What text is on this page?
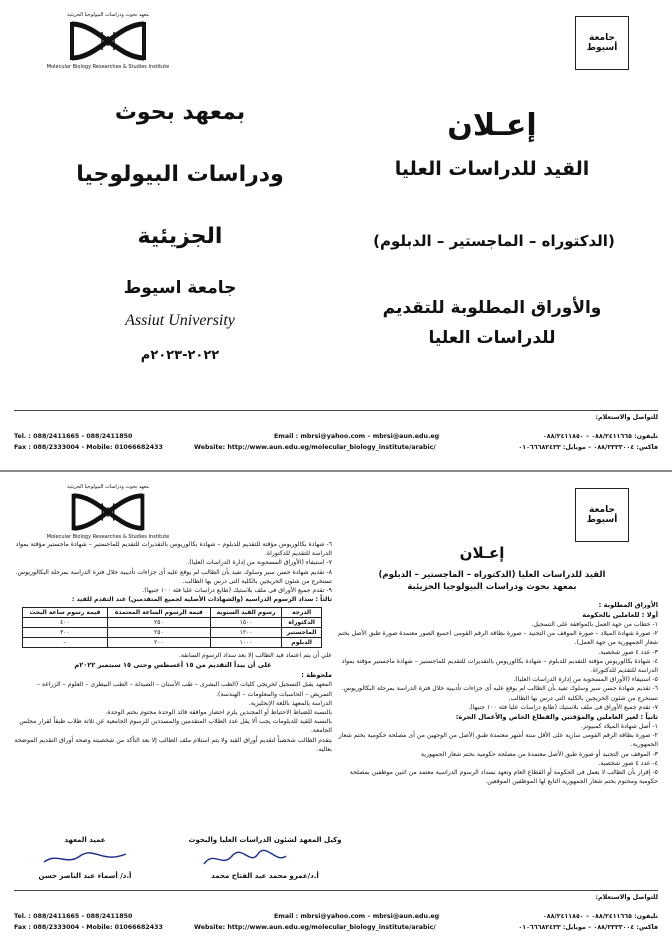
معهد بحوث ودراسات البيولوجيا الجزيئية
Molecular Biology Researches & Studies Institute
جامعة
أسيوط
إعـلان
القيد للدراسات العليا
(الدكتوراه – الماجستير – الدبلوم)
والأوراق المطلوبة للتقديم
للدراسات العليا
بمعهد بحوث
ودراسات البيولوجيا
الجزيئية
جامعة اسيوط
Assiut University
٢٠٢٢-٢٠٢٣م
للتواصل والاستعلام:
تليفون: ٠٨٨/٢٤١١٦٦٥ – ٠٨٨/٢٤١١٨٥٠
فاكس: ٠٨٨/٢٣٣٣٠٠٤ – موبايل: ٠١٠٦٦٦٨٢٤٣٣
Email : mbrsi@yahoo.com – mbrsi@aun.edu.eg
Website: http://www.aun.edu.eg/molecular_biology_institute/arabic/
Tel. : 088/2411665 - 088/2411850
Fax : 088/2333004 - Mobile: 01066682433
معهد بحوث ودراسات البيولوجيا الجزيئية
Molecular Biology Researches & Studies Institute
جامعة
أسيوط
إعـلان
القيد للدراسات العليا (الدكتوراه – الماجستير – الدبلوم)
بمعهد بحوث ودراسات البيولوجيا الجزيئية
الأوراق المطلوبة :
أولا : للعاملين بالحكومة
١- خطاب من جهة العمل بالموافقة على التسجيل.
٢- صورة شهادة الميلاد – صورة الموقف من التجنيد – صورة بطاقة الرقم القومى (جميع الصور معتمدة صورة طبق الأصل بختم شعار الجمهورية من جهة العمل).
٣- عدد ٤ صور شخصية.
٤- شهادة بكالوريوس مؤقتة للتقديم للدبلوم – شهادة بكالوريوس بالتقديرات للتقديم للماجستير – شهادة ماجستير مؤقتة بمواد الدراسة للتقديم للدكتوراة.
٥- استيفاء (الأوراق المسحوبة من إدارة الدراسات العليا).
٦- تقديم شهادة حسن سير وسلوك تفيد بأن الطالب لم يوقع عليه أى جزاءات تأديبية خلال فترة الدراسة بمرحلة البكالوريوس. تستخرج من شئون الخريجين بالكلية التى درس بها الطالب.
٧- تقدم جميع الأوراق فى ملف بلاستيك (طابع دراسات عليا فئة ١٠٠ جنيها).
ثانياً : لغير العاملين والمؤقتين والقطاع الخاص والأعمال الحرة:
١- أصل شهادة الميلاد كمبيوتر.
٢- صورة بطاقة الرقم القومى سارية على الأقل ستة أشهر معتمدة طبق الأصل من الوجهين من أى مصلحة حكومية بختم شعار الجمهورية.
٣- الموقف من التجنيد أو صورة طبق الأصل معتمدة من مصلحة حكومية بختم شعار الجمهورية
٤- عدد ٤ صور شخصية.
٥- إقرار بأن الطالب لا يعمل فى الحكومة أو القطاع العام وتعهد بسداد الرسوم الدراسية معتمد من اثنين موظفين بمصلحة حكومية ومختوم بختم شعار الجمهورية التابع لها الموظفين الموقعين.
٦- شهادة بكالوريوس مؤقتة للتقديم للدبلوم – شهادة بكالوريوس بالتقديرات للتقديم للماجستير – شهادة ماجستير مؤقتة بمواد الدراسة للتقديم للدكتوراة.
٧- استيفاء (الأوراق المسحوبة من إدارة الدراسات العليا).
٨- تقديم شهادة حسن سير وسلوك تفيد بأن الطالب لم يوقع عليه أى جزاءات تأديبية خلال فترة الدراسة بمرحلة البكالوريوس. تستخرج من شئون الخريجين بالكلية التى درس بها الطالب.
٩- تقدم جميع الأوراق فى ملف بلاستيك (طابع دراسات عليا فئة ١٠٠ جنيها).
ثالثاً : سداد الرسوم الدراسية (والشهادات الأصلية لجميع المتقدمين) عند التقدم للقيد :
الدرجة	رسوم القيد السنوية	قيمة الرسوم الساعة المعتمدة	قيمة رسوم ساعة البحث
الدكتوراه	١٥٠٠	٢٥٠	٤٠٠
الماجستير	١٢٠٠	٢٥٠	٣٠٠
الدبلوم	١٠٠٠	٢٠٠	–
علي أن يتم اعتماد قيد الطالب إلا بعد سداد الرسوم السابقة.
على أن يبدأ التقديم من ١٥ أغسطس وحتى ١٥ سبتمبر ٢٠٢٢م
ملحوظة :
المعهد يقبل التسجيل لخريجى كليات (الطب البشرى – طب الأسنان – الصيدلة – الطب البيطرى – العلوم – الزراعة – التمريض – الحاسبات والمعلومات – الهندسة).
الدراسة بالمعهد باللغة الإنجليزية.
بالنسبة للضباط الاحتياط أو المجندين يلزم احضار موافقة قائد الوحدة مختوم بختم الوحدة.
بالنسبة للقيد للدبلومات يجب ألا يقل عدد الطلاب المتقدمين والمسددين للرسوم الجامعية عن ثلاثة طلاب طبقاً لقرار مجلس الجامعة.
يتقدم الطالب شخصياً لتقديم أوراق القيد ولا يتم استلام ملف الطالب إلا بعد التأكد من شخصيته وصحة أوراق التقديم الموضحة بعاليه.
وكيل المعهد لشئون الدراسات العليا والبحوث
أ.د/عمرو محمد عبد الفتاح محمد
عميد المعهد
أ.د/ أسماء عبد الناصر حسن
للتواصل والاستعلام:
تليفون: ٠٨٨/٢٤١١٦٦٥ – ٠٨٨/٢٤١١٨٥٠
فاكس: ٠٨٨/٢٣٣٣٠٠٤ – موبايل: ٠١٠٦٦٦٨٢٤٣٣
Email : mbrsi@yahoo.com – mbrsi@aun.edu.eg
Website: http://www.aun.edu.eg/molecular_biology_institute/arabic/
Tel. : 088/2411665 - 088/2411850
Fax : 088/2333004 - Mobile: 01066682433
